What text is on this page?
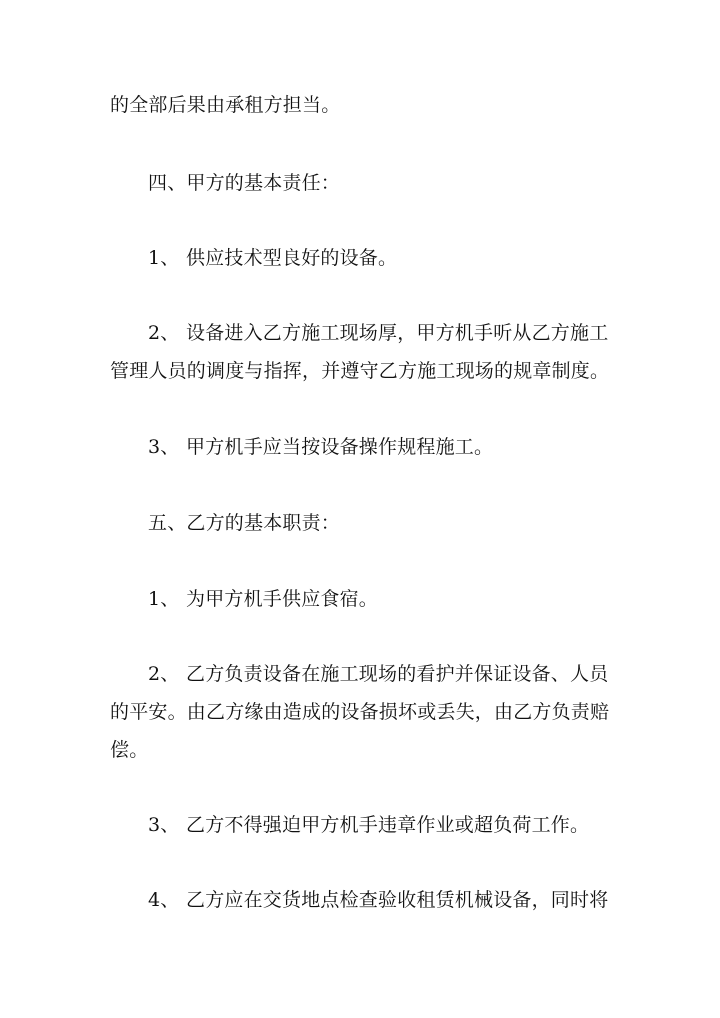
的全部后果由承租方担当。
四、甲方的基本责任：
1、 供应技术型良好的设备。
2、 设备进入乙方施工现场厚，甲方机手听从乙方施工
管理人员的调度与指挥，并遵守乙方施工现场的规章制度。
3、 甲方机手应当按设备操作规程施工。
五、乙方的基本职责：
1、 为甲方机手供应食宿。
2、 乙方负责设备在施工现场的看护并保证设备、人员
的平安。由乙方缘由造成的设备损坏或丢失，由乙方负责赔
偿。
3、 乙方不得强迫甲方机手违章作业或超负荷工作。
4、 乙方应在交货地点检查验收租赁机械设备，同时将
